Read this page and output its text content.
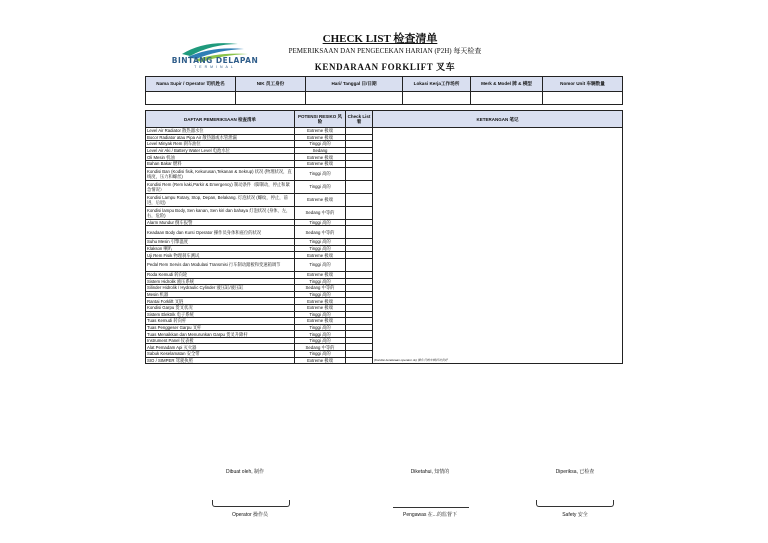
BINTANG DELAPAN
TERMINAL
CHECK LIST 检查清单
PEMERIKSAAN DAN PENGECEKAN HARIAN (P2H) 每天检查
KENDARAAN FORKLIFT 叉车
Nama Supir / Operator 司机姓名	NIK 员工身份	Hari/ Tanggal 日/日期	Lokasi Kerja工作场所	Merk & Model 牌 & 模型	Nomor Unit 车辆数量

DAFTAR PEMERIKSAAN 检查清单	POTENSI RESIKO 风险	Check List 看	KETERANGAN 笔记
Level Air Radiator 散热器水位	Extreme 极端		(Kondisi kendaraan operator ok) 操作员的车辆状况良好
Bocor Radiator atau Pipa Air 散热器或水管泄漏	Extreme 极端		
Level Minyak Rem 刹车油位	Tinggi 高的		
Level Air Aki / Battery Water Level 电池水位	Sedang		
Oli Mesin 机油	Extreme 极端		
Bahan Bakar 燃料	Extreme 极端		
Kondisi Ban (Kodisi fisik, Kekurusan,Tekanan & Sekrup) 状况 (物理状况，直线度，压力和螺丝)	Tinggi 高的		
Kondisi Rem (Rem kaki,Parkir & Emergency) 制动条件（脚制动，停止和紧急情况）	Tinggi 高的		
Kondisi Lampu Rotary, Stop, Depan, Belakang. 灯泡状况 (螺纹，停止，前进，后退)	Extreme 极端		
Kondisi lampu Body, Sen kanan, Sen kiri dan bahaya 灯泡状况 (身体，左，右，危险)	Sedang 中等的		
Alarm Mundur 倒车报警	Tinggi 高的		
Keadaan Body dan Kursi Operator 操作员身体和座位的状况	Sedang 中等的		
Suhu Mesin 引擎温度	Tinggi 高的		
Klakson 喇叭	Tinggi 高的		
Uji Rem Fisik 物理刹车测试	Extreme 极端		
Pedal Rem Servis dan Modulasi Transmisi 行车制动踏板和变速箱调节	Tinggi 高的		
Roda Kemudi 转向轮	Extreme 极端		
Sistem Hidrolik 液压系统	Tinggi 高的		
Silinder Hidrolik / Hydraulic Cylinder 液压缸/液压缸	Sedang 中等的		
Mesin 机器	Tinggi 高的		
Rantai Forklift 叉链	Extreme 极端		
Kondisi Garpu 货叉状况	Extreme 极端		
Sistem Elektrik 电子系统	Tinggi 高的		
Tuas Kemudi 转向杆	Extreme 极端		
Tuas Penggeser Garpu 叉杆	Tinggi 高的		
Tuas Menaikkan dan Menurunkan Garpu 货叉升降杆	Tinggi 高的		
Instrument Panel 仪表板	Tinggi 高的		
Alat Pemadam Api 灭火器	Sedang 中等的		
Sabuk Keselamatan 安全带	Tinggi 高的		
SIO / SIMPER 驾驶执照	Extreme 极端		
Dibuat oleh, 制作	Diketahui, 知情的	Diperiksa, 已检查
Operator 操作员	Pengawas 在...的监督下	Safety 安全
